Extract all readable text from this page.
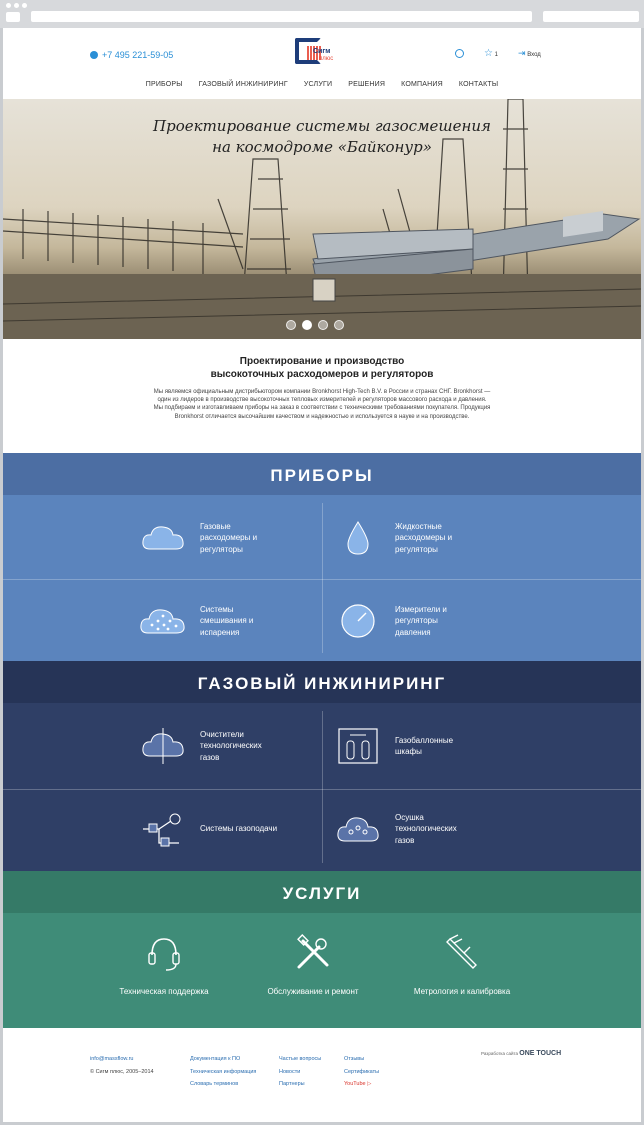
+7 495 221-59-05	Сигм
плюс
☆ 1 ⇥ Вход
ПРИБОРЫ ГАЗОВЫЙ ИНЖИНИРИНГ УСЛУГИ РЕШЕНИЯ КОМПАНИЯ КОНТАКТЫ
Проектирование системы газосмешения
на космодроме «Байконур»
Проектирование и производство
высокоточных расходомеров и регуляторов

Мы являемся официальным дистрибьютором компании Bronkhorst High-Tech B.V. в России и странах СНГ. Bronkhorst — один из лидеров в производстве высокоточных тепловых измерителей и регуляторов массового расхода и давления. Мы подбираем и изготавливаем приборы на заказ в соответствии с техническими требованиями покупателя. Продукция Bronkhorst отличается высочайшим качеством и надежностью и используется в науке и на производстве.

ПРИБОРЫ
Газовые расходомеры и регуляторы
Жидкостные расходомеры и регуляторы
Системы смешивания и испарения
Измерители и регуляторы давления
ГАЗОВЫЙ ИНЖИНИРИНГ
Очистители технологических газов
Газобаллонные шкафы
Системы газоподачи
Осушка технологических газов
УСЛУГИ
Техническая поддержка	Обслуживание и ремонт	Метрология и калибровка
info@massflow.ru
© Сигм плюс, 2005–2014
Документация к ПО
Техническая информация
Словарь терминов
Частые вопросы
Новости
Партнеры
Отзывы
Сертификаты
YouTube ▷
Разработка сайта ONE TOUCH
